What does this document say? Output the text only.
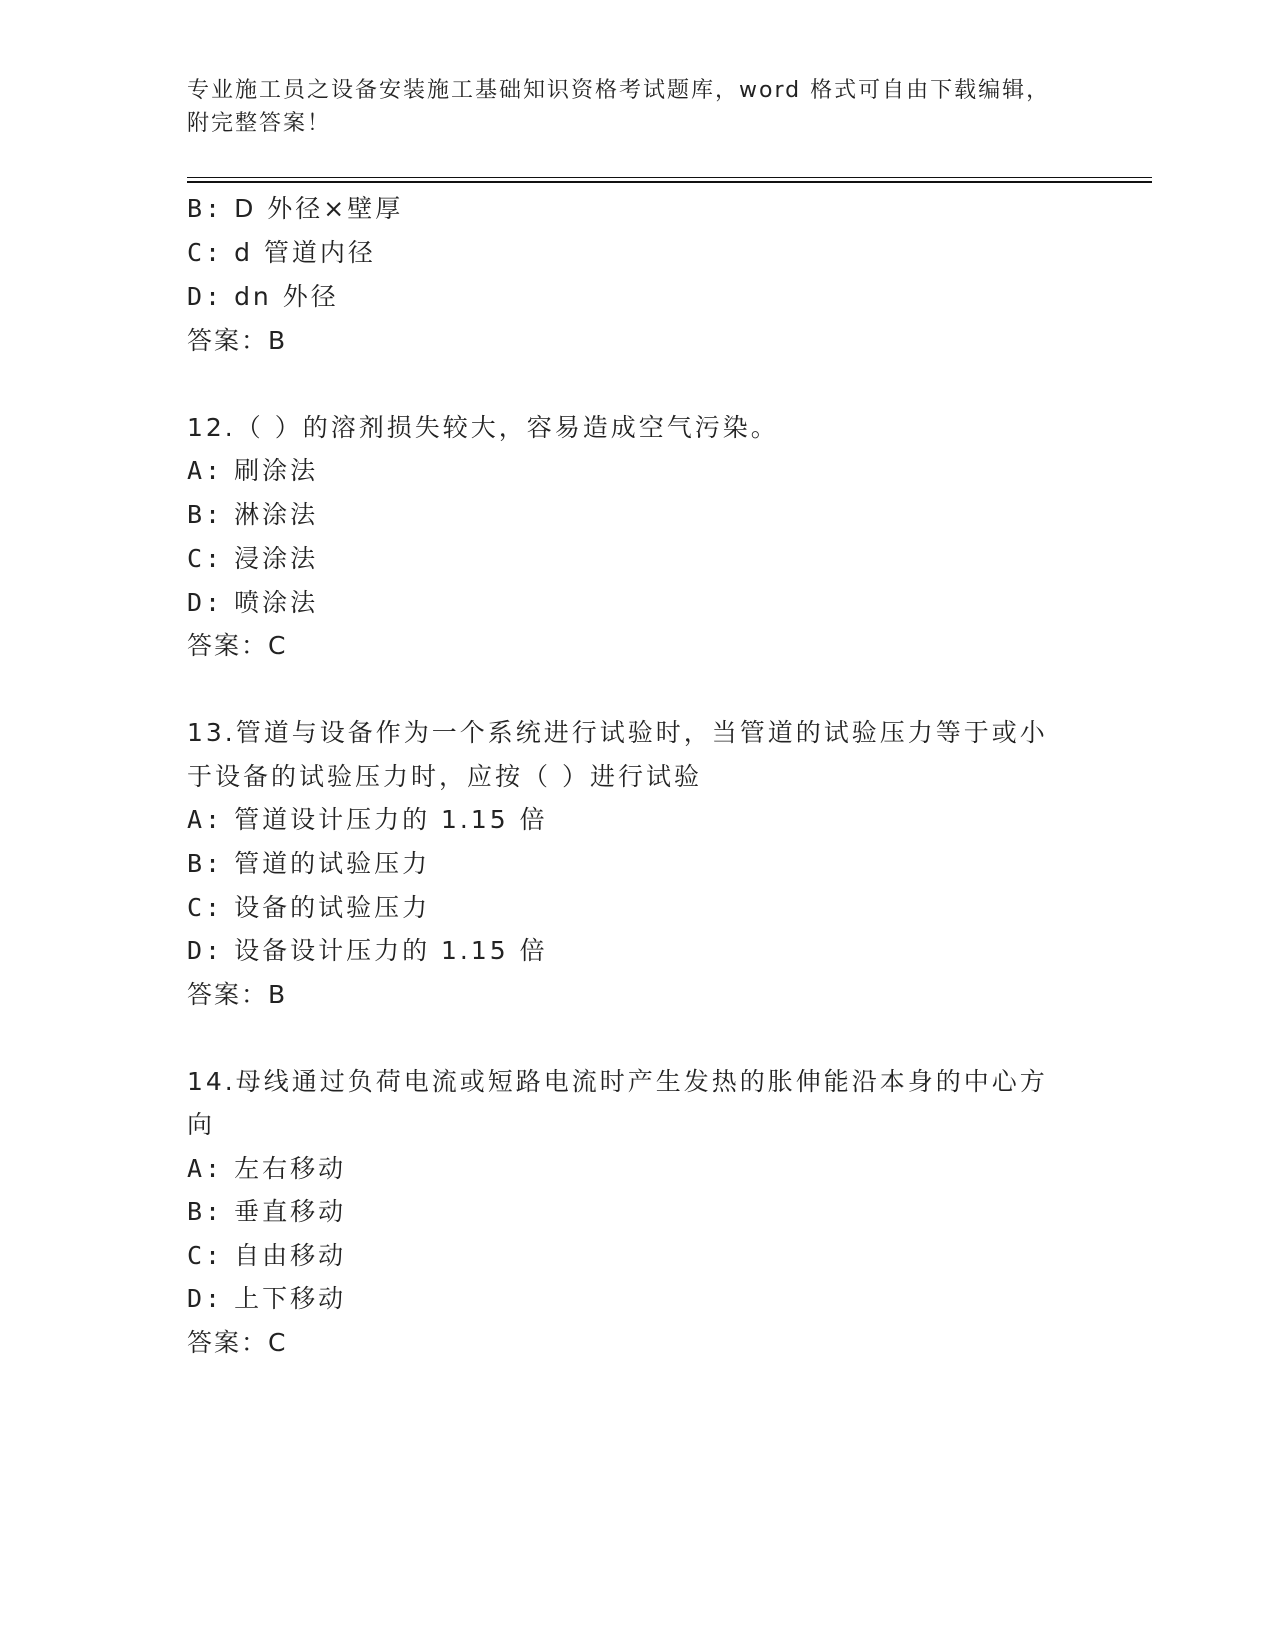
专业施工员之设备安装施工基础知识资格考试题库，word 格式可自由下载编辑，
附完整答案！
B: D 外径×壁厚
C: d 管道内径
D: dn 外径
答案：B
12.（ ）的溶剂损失较大，容易造成空气污染。
A: 刷涂法
B: 淋涂法
C: 浸涂法
D: 喷涂法
答案：C
13.管道与设备作为一个系统进行试验时，当管道的试验压力等于或小
于设备的试验压力时，应按（ ）进行试验
A: 管道设计压力的 1.15 倍
B: 管道的试验压力
C: 设备的试验压力
D: 设备设计压力的 1.15 倍
答案：B
14.母线通过负荷电流或短路电流时产生发热的胀伸能沿本身的中心方
向
A: 左右移动
B: 垂直移动
C: 自由移动
D: 上下移动
答案：C
